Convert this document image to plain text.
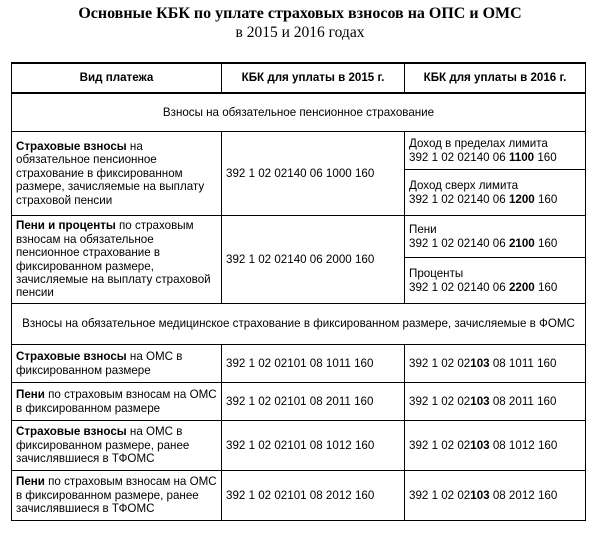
Основные КБК по уплате страховых взносов на ОПС и ОМС
в 2015 и 2016 годах
Вид платежа	КБК для уплаты в 2015 г.	КБК для уплаты в 2016 г.
Взносы на обязательное пенсионное страхование		
Страховые взносы на обязательное пенсионное страхование в фиксированном размере, зачисляемые на выплату страховой пенсии	392 1 02 02140 06 1000 160	Доход в пределах лимита
392 1 02 02140 06 1100 160

		Доход сверх лимита
392 1 02 02140 06 1200 160

Пени и проценты по страховым взносам на обязательное пенсионное страхование в фиксированном размере, зачисляемые на выплату страховой пенсии	392 1 02 02140 06 2000 160	Пени
392 1 02 02140 06 2100 160

		Проценты
392 1 02 02140 06 2200 160

Взносы на обязательное медицинское страхование в фиксированном размере, зачисляемые в ФОМС		
Страховые взносы на ОМС в фиксированном размере	392 1 02 02101 08 1011 160	392 1 02 02103 08 1011 160
Пени по страховым взносам на ОМС в фиксированном размере	392 1 02 02101 08 2011 160	392 1 02 02103 08 2011 160
Страховые взносы на ОМС в фиксированном размере, ранее зачислявшиеся в ТФОМС	392 1 02 02101 08 1012 160	392 1 02 02103 08 1012 160
Пени по страховым взносам на ОМС в фиксированном размере, ранее зачислявшиеся в ТФОМС	392 1 02 02101 08 2012 160	392 1 02 02103 08 2012 160
